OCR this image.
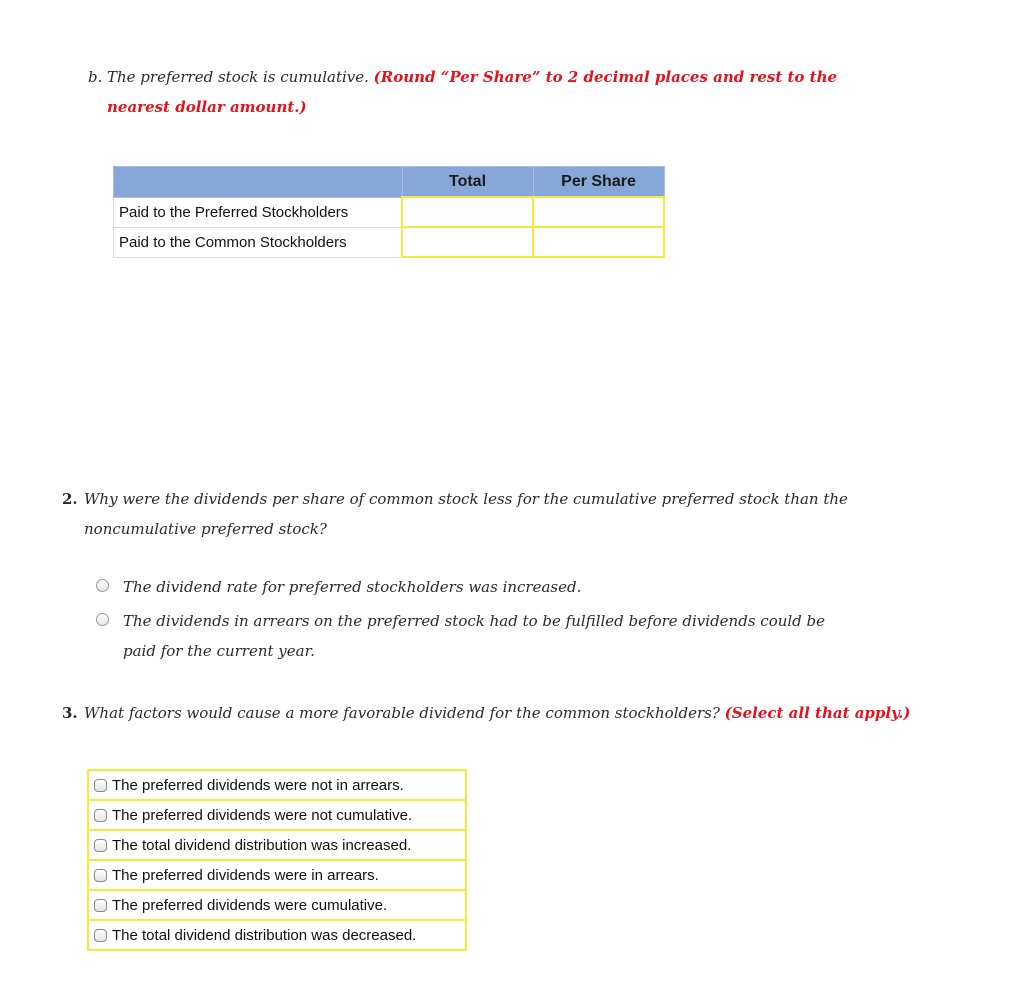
b. The preferred stock is cumulative. (Round “Per Share” to 2 decimal places and rest to the nearest dollar amount.)
	Total	Per Share
Paid to the Preferred Stockholders		
Paid to the Common Stockholders		
2. Why were the dividends per share of common stock less for the cumulative preferred stock than the noncumulative preferred stock?
The dividend rate for preferred stockholders was increased.
The dividends in arrears on the preferred stock had to be fulfilled before dividends could be paid for the current year.
3. What factors would cause a more favorable dividend for the common stockholders? (Select all that apply.)
The preferred dividends were not in arrears.
The preferred dividends were not cumulative.
The total dividend distribution was increased.
The preferred dividends were in arrears.
The preferred dividends were cumulative.
The total dividend distribution was decreased.
